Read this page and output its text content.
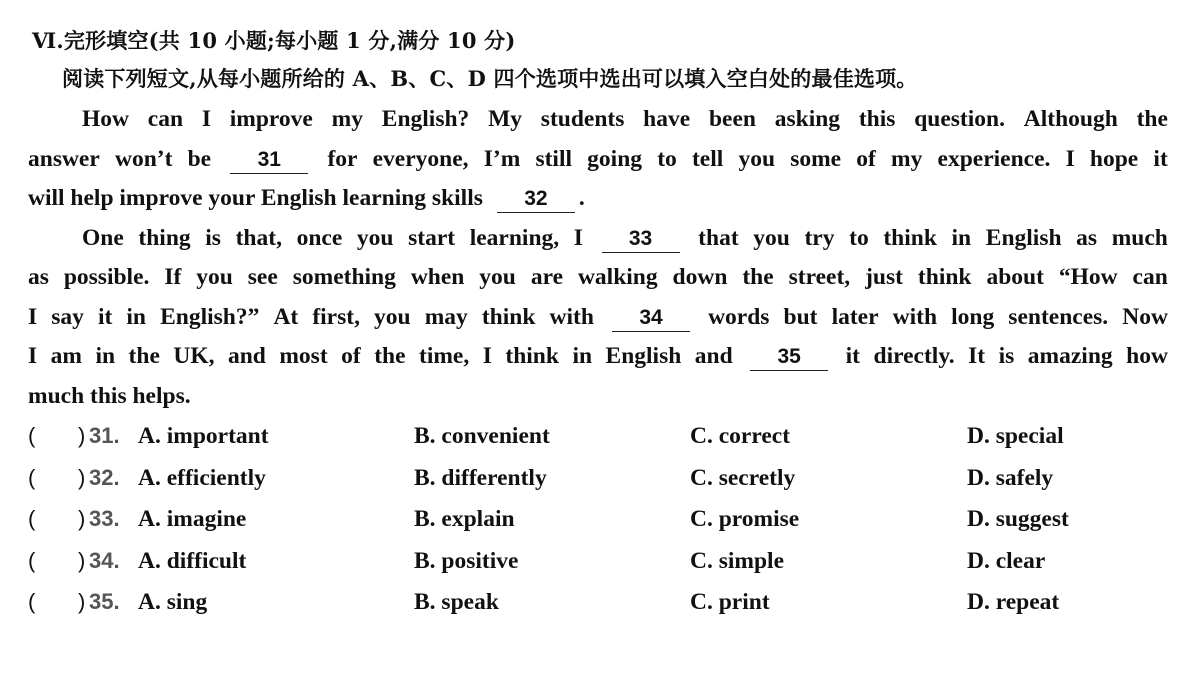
Ⅵ.完形填空(共 10 小题;每小题 1 分,满分 10 分)
阅读下列短文,从每小题所给的 A、B、C、D 四个选项中选出可以填入空白处的最佳选项。
How can I improve my English? My students have been asking this question. Although the
answer won’t be	31	for everyone, I’m still going to tell you some of my experience. I hope it
will help improve your English learning skills	32	.
One thing is that, once you start learning, I	33	that you try to think in English as much
as possible. If you see something when you are walking down the street, just think about “How can
I say it in English?” At first, you may think with	34	words but later with long sentences. Now
I am in the UK, and most of the time, I think in English and	35	it directly. It is amazing how
much this helps.
( ) 31. A. important	B. convenient	C. correct	D. special
( ) 32. A. efficiently	B. differently	C. secretly	D. safely
( ) 33. A. imagine	B. explain	C. promise	D. suggest
( ) 34. A. difficult	B. positive	C. simple	D. clear
( ) 35. A. sing	B. speak	C. print	D. repeat
